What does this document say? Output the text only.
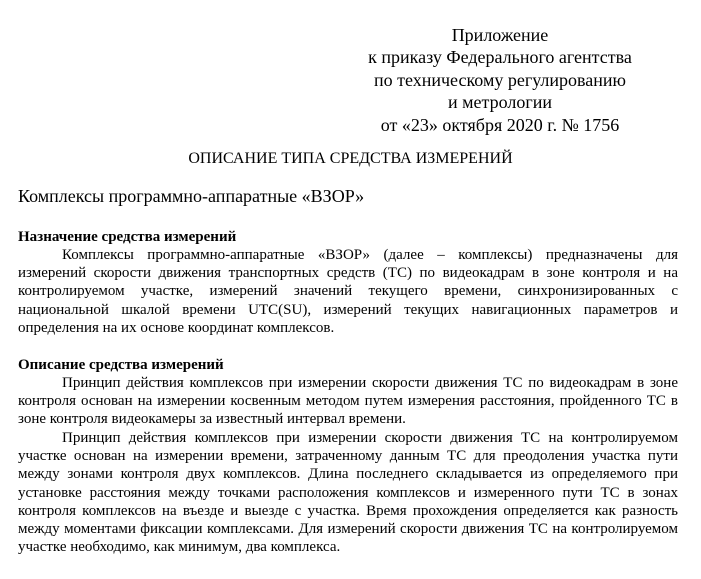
Приложение
к приказу Федерального агентства
по техническому регулированию
и метрологии
от «23» октября 2020 г. № 1756
ОПИСАНИЕ ТИПА СРЕДСТВА ИЗМЕРЕНИЙ
Комплексы программно-аппаратные «ВЗОР»
Назначение средства измерений
Комплексы программно-аппаратные «ВЗОР» (далее – комплексы) предназначены для измерений скорости движения транспортных средств (ТС) по видеокадрам в зоне контроля и на контролируемом участке, измерений значений текущего времени, синхронизированных с национальной шкалой времени UTC(SU), измерений текущих навигационных параметров и определения на их основе координат комплексов.
Описание средства измерений
Принцип действия комплексов при измерении скорости движения ТС по видеокадрам в зоне контроля основан на измерении косвенным методом путем измерения расстояния, пройденного ТС в зоне контроля видеокамеры за известный интервал времени.
Принцип действия комплексов при измерении скорости движения ТС на контролируемом участке основан на измерении времени, затраченному данным ТС для преодоления участка пути между зонами контроля двух комплексов. Длина последнего складывается из определяемого при установке расстояния между точками расположения комплексов и измеренного пути ТС в зонах контроля комплексов на въезде и выезде с участка. Время прохождения определяется как разность между моментами фиксации комплексами. Для измерений скорости движения ТС на контролируемом участке необходимо, как минимум, два комплекса.
